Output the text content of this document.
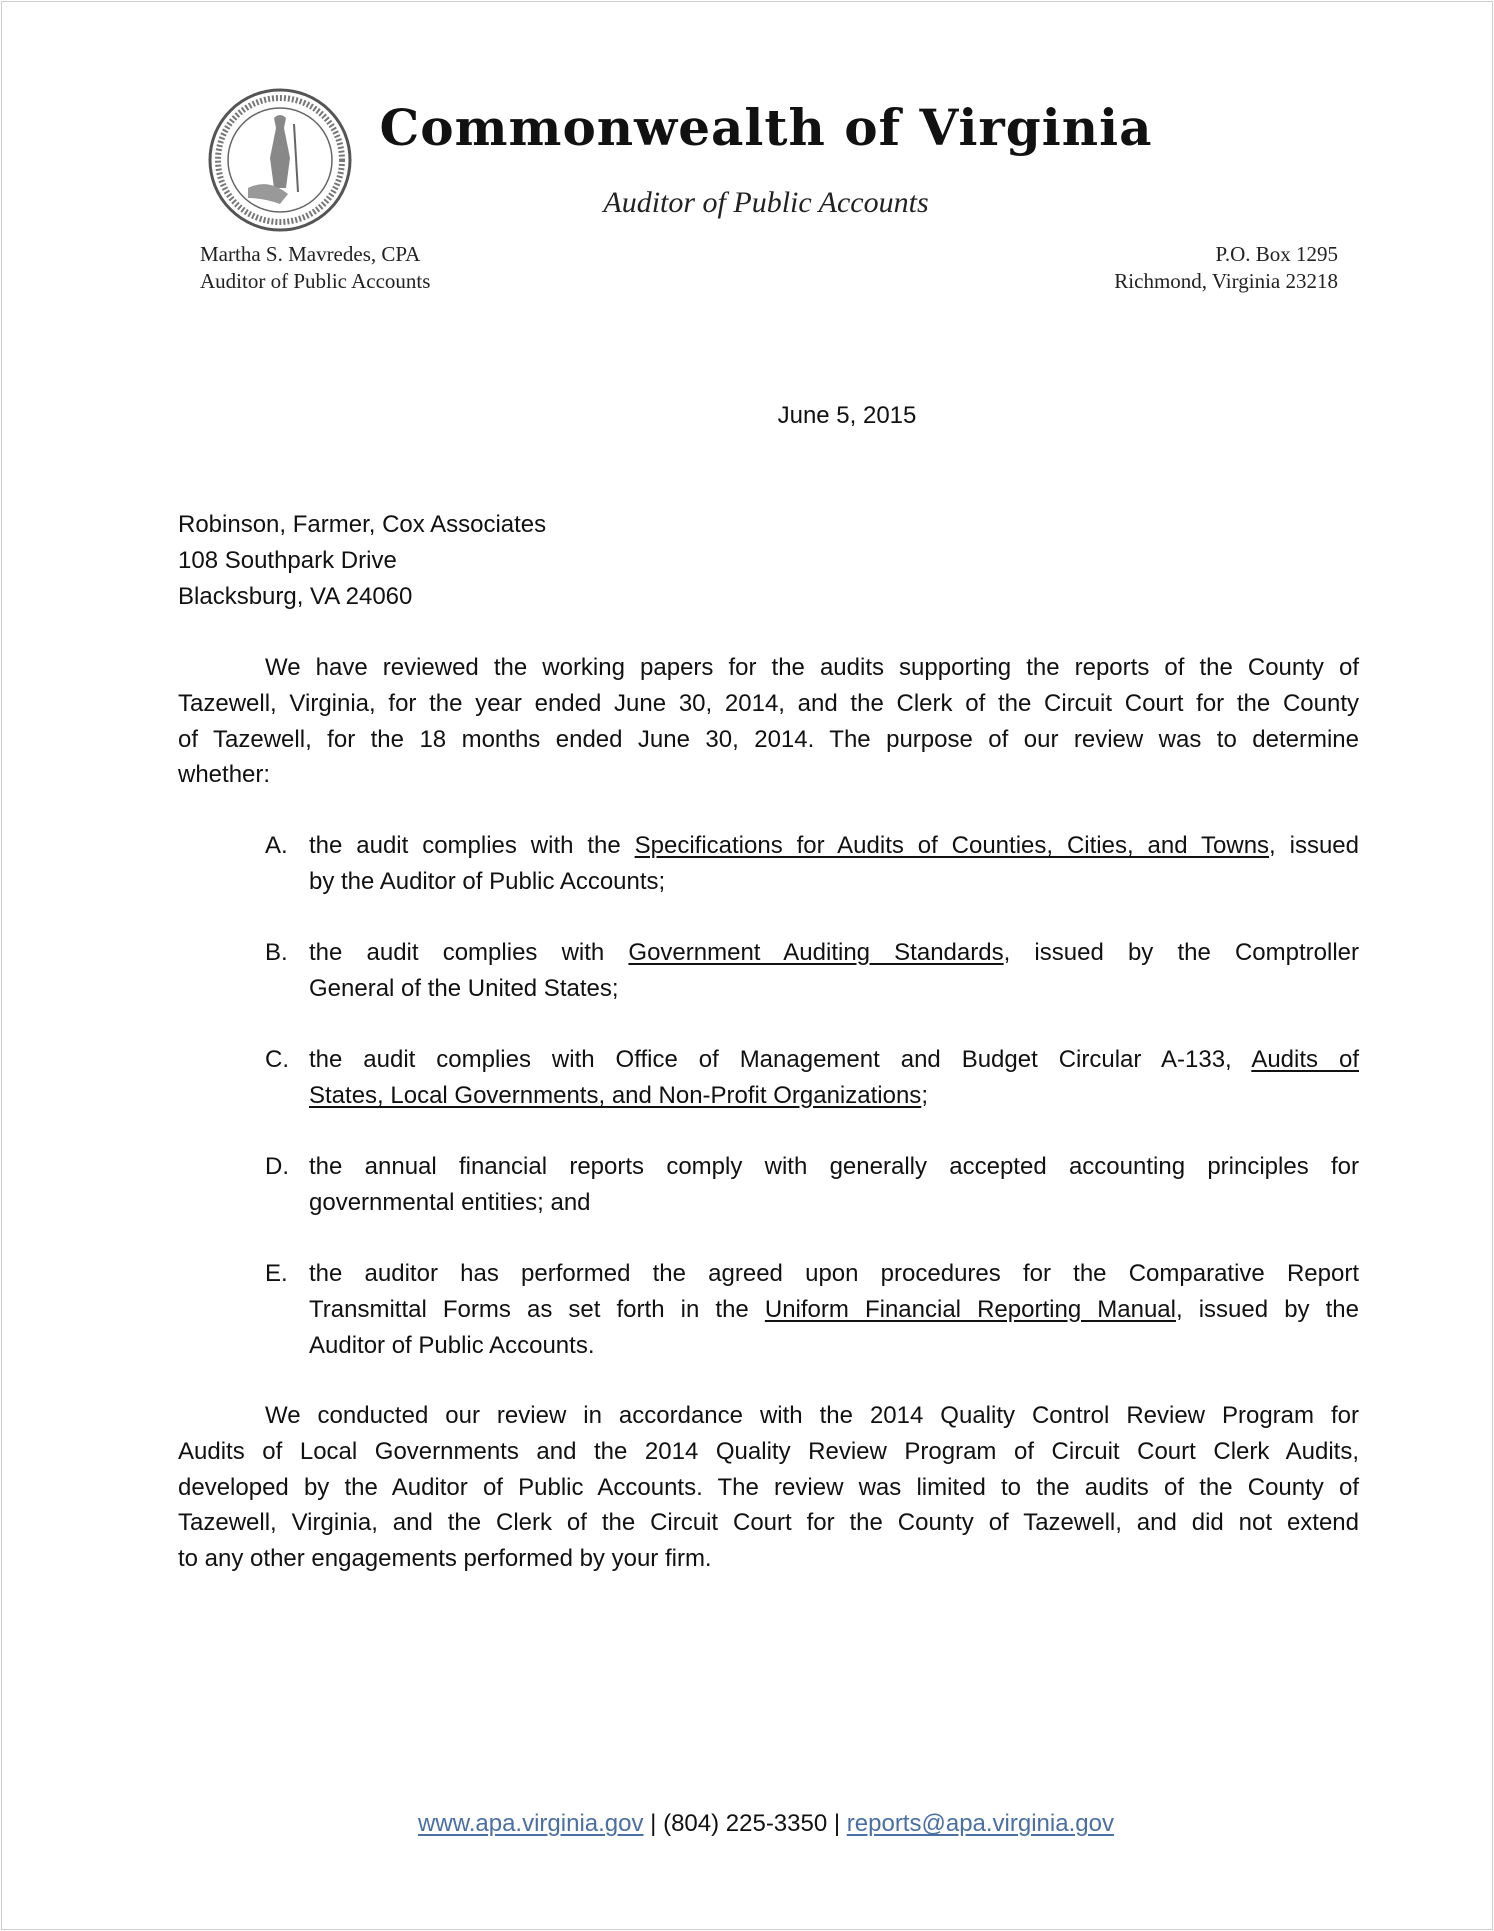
Commonwealth of Virginia
Auditor of Public Accounts
Martha S. Mavredes, CPA
Auditor of Public Accounts
P.O. Box 1295
Richmond, Virginia 23218
June 5, 2015
Robinson, Farmer, Cox Associates
108 Southpark Drive
Blacksburg, VA 24060
We have reviewed the working papers for the audits supporting the reports of the County of
Tazewell, Virginia, for the year ended June 30, 2014, and the Clerk of the Circuit Court for the County
of Tazewell, for the 18 months ended June 30, 2014. The purpose of our review was to determine
whether:
A. the audit complies with the Specifications for Audits of Counties, Cities, and Towns, issued
by the Auditor of Public Accounts;
B. the audit complies with Government Auditing Standards, issued by the Comptroller
General of the United States;
C. the audit complies with Office of Management and Budget Circular A-133, Audits of
States, Local Governments, and Non-Profit Organizations;
D. the annual financial reports comply with generally accepted accounting principles for
governmental entities; and
E. the auditor has performed the agreed upon procedures for the Comparative Report
Transmittal Forms as set forth in the Uniform Financial Reporting Manual, issued by the
Auditor of Public Accounts.
We conducted our review in accordance with the 2014 Quality Control Review Program for
Audits of Local Governments and the 2014 Quality Review Program of Circuit Court Clerk Audits,
developed by the Auditor of Public Accounts. The review was limited to the audits of the County of
Tazewell, Virginia, and the Clerk of the Circuit Court for the County of Tazewell, and did not extend
to any other engagements performed by your firm.
www.apa.virginia.gov | (804) 225-3350 | reports@apa.virginia.gov
